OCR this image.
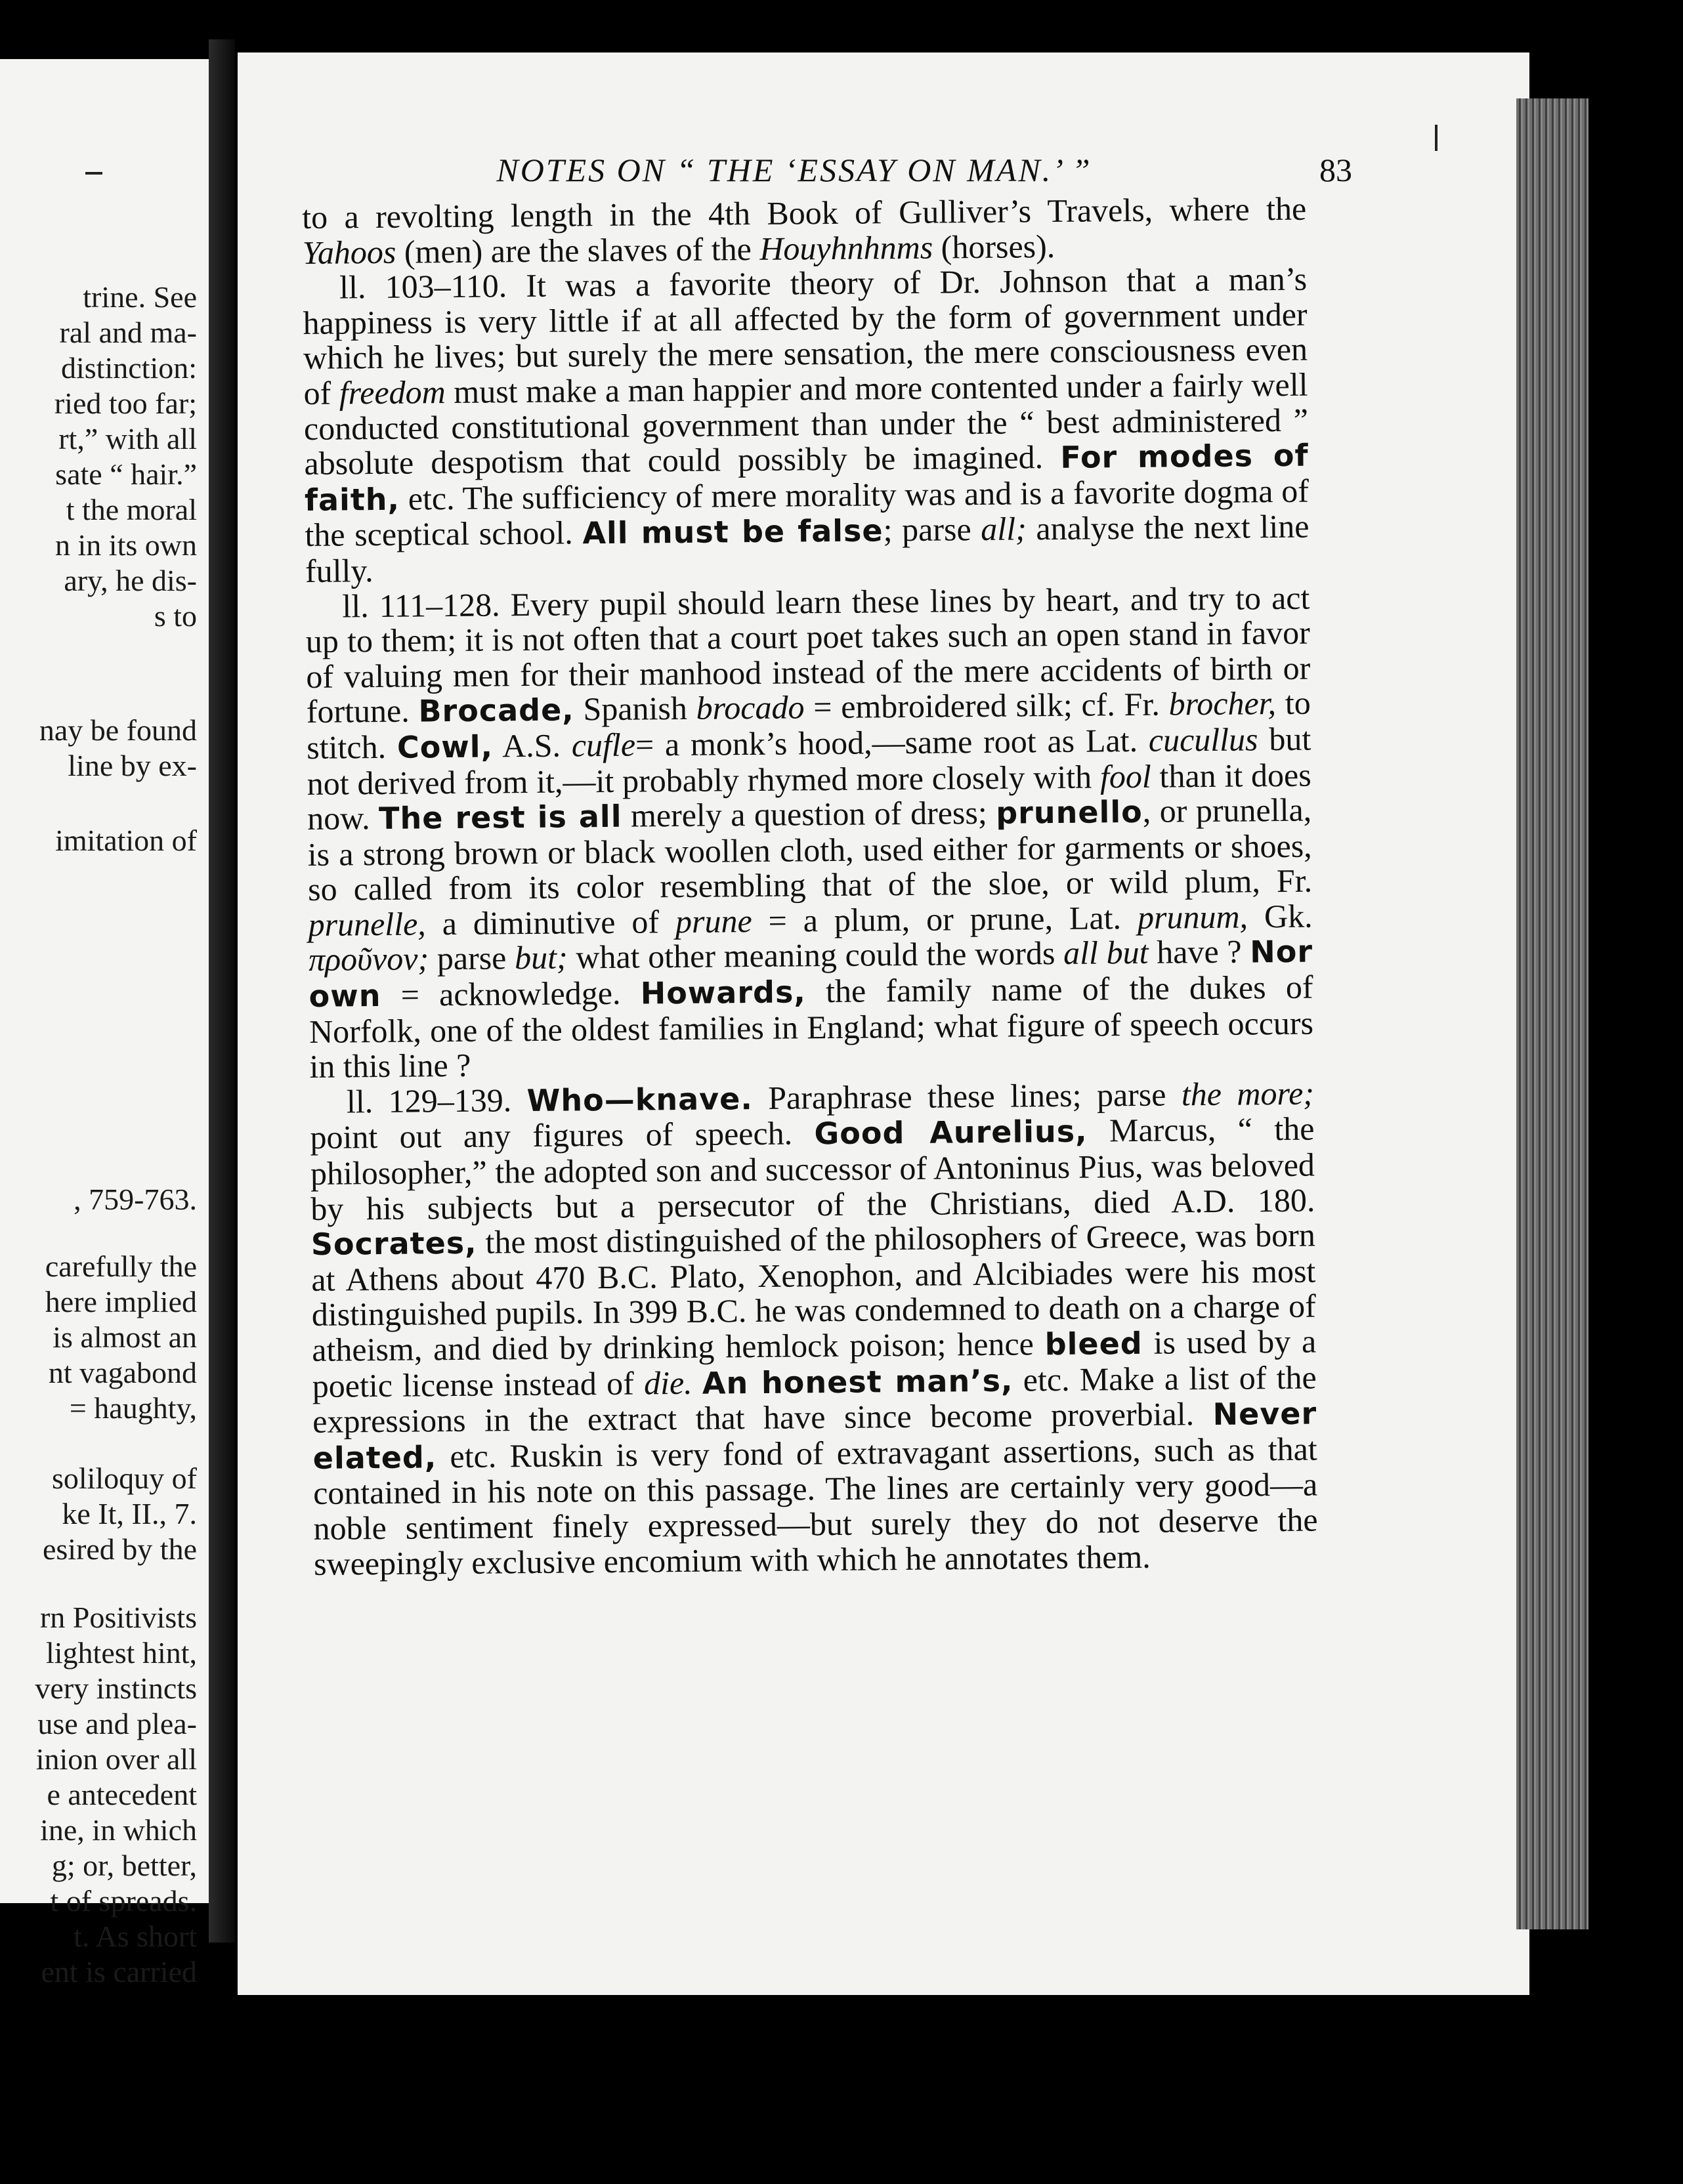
trine. See
ral and ma-
distinction:
ried too far;
rt,” with all
sate “ hair.”
t the moral
n in its own
ary, he dis-
s to
nay be found
line by ex-
imitation of
, 759-763.
carefully the
here implied
is almost an
nt vagabond
= haughty,
soliloquy of
ke It, II., 7.
esired by the
rn Positivists
lightest hint,
very instincts
use and plea-
inion over all
e antecedent
ine, in which
g; or, better,
t of spreads.
t. As short
ent is carried
NOTES ON “ THE ‘ESSAY ON MAN.’ ”	83

to a revolting length in the 4th Book of Gulliver’s Travels, where the Yahoos (men) are the slaves of the Houyhnhnms (horses).

ll. 103–110. It was a favorite theory of Dr. Johnson that a man’s happiness is very little if at all affected by the form of government under which he lives; but surely the mere sensation, the mere consciousness even of freedom must make a man happier and more contented under a fairly well conducted constitutional government than under the “ best administered ” absolute despotism that could possibly be imagined. For modes of faith, etc. The sufficiency of mere morality was and is a favorite dogma of the sceptical school. All must be false; parse all; analyse the next line fully.

ll. 111–128. Every pupil should learn these lines by heart, and try to act up to them; it is not often that a court poet takes such an open stand in favor of valuing men for their manhood instead of the mere accidents of birth or fortune. Brocade, Spanish brocado = embroidered silk; cf. Fr. brocher, to stitch. Cowl, A.S. cufle= a monk’s hood,—same root as Lat. cucullus but not derived from it,—it probably rhymed more closely with fool than it does now. The rest is all merely a question of dress; prunello, or prunella, is a strong brown or black woollen cloth, used either for garments or shoes, so called from its color resembling that of the sloe, or wild plum, Fr. prunelle, a diminutive of prune = a plum, or prune, Lat. prunum, Gk. προῦνον; parse but; what other meaning could the words all but have ? Nor own = acknowledge. Howards, the family name of the dukes of Norfolk, one of the oldest families in England; what figure of speech occurs in this line ?

ll. 129–139. Who—knave. Paraphrase these lines; parse the more; point out any figures of speech. Good Aurelius, Marcus, “ the philosopher,” the adopted son and successor of Antoninus Pius, was beloved by his subjects but a persecutor of the Christians, died A.D. 180. Socrates, the most distinguished of the philosophers of Greece, was born at Athens about 470 B.C. Plato, Xenophon, and Alcibiades were his most distinguished pupils. In 399 B.C. he was condemned to death on a charge of atheism, and died by drinking hemlock poison; hence bleed is used by a poetic license instead of die. An honest man’s, etc. Make a list of the expressions in the extract that have since become proverbial. Never elated, etc. Ruskin is very fond of extravagant assertions, such as that contained in his note on this passage. The lines are certainly very good—a noble sentiment finely expressed—but surely they do not deserve the sweepingly exclusive encomium with which he annotates them.
